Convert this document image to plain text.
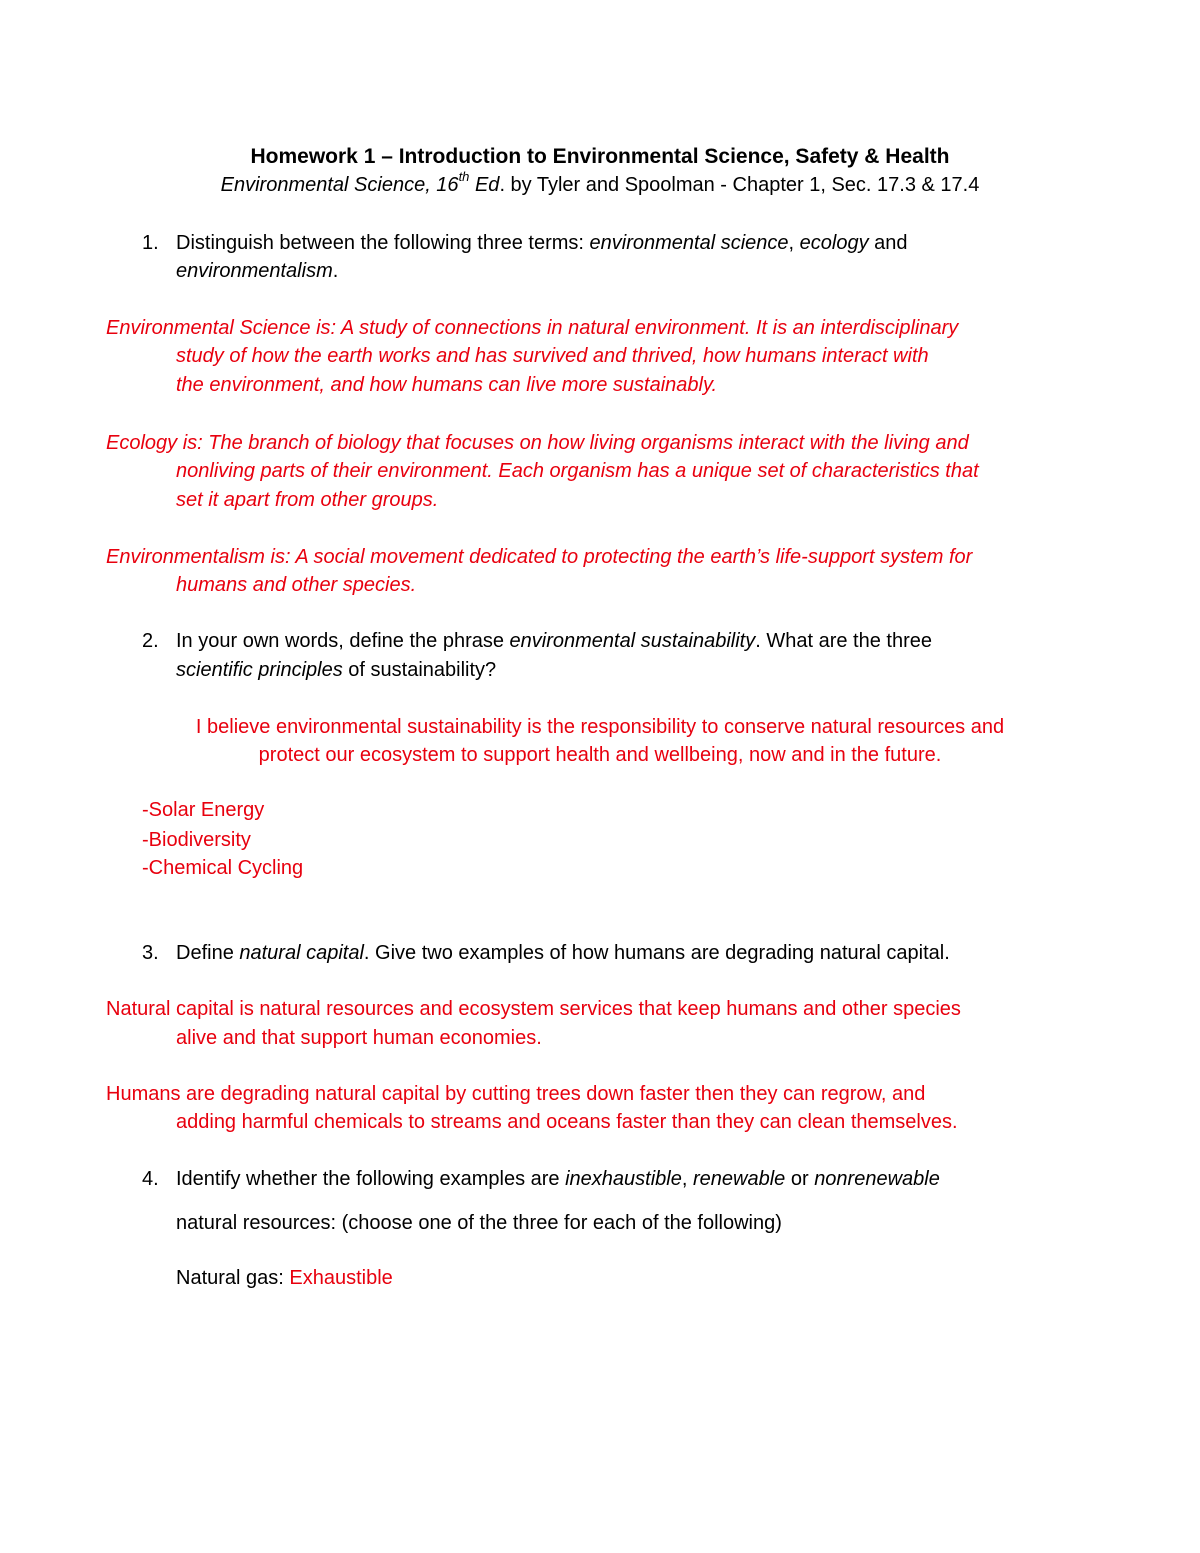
Homework 1 – Introduction to Environmental Science, Safety & Health
Environmental Science, 16th Ed. by Tyler and Spoolman - Chapter 1, Sec. 17.3 & 17.4
1. Distinguish between the following three terms: environmental science, ecology and
environmentalism.
Environmental Science is: A study of connections in natural environment. It is an interdisciplinary
study of how the earth works and has survived and thrived, how humans interact with
the environment, and how humans can live more sustainably.
Ecology is: The branch of biology that focuses on how living organisms interact with the living and
nonliving parts of their environment. Each organism has a unique set of characteristics that
set it apart from other groups.
Environmentalism is: A social movement dedicated to protecting the earth’s life-support system for
humans and other species.
2. In your own words, define the phrase environmental sustainability. What are the three
scientific principles of sustainability?
I believe environmental sustainability is the responsibility to conserve natural resources and
protect our ecosystem to support health and wellbeing, now and in the future.
-Solar Energy
-Biodiversity
-Chemical Cycling
3. Define natural capital. Give two examples of how humans are degrading natural capital.
Natural capital is natural resources and ecosystem services that keep humans and other species
alive and that support human economies.
Humans are degrading natural capital by cutting trees down faster then they can regrow, and
adding harmful chemicals to streams and oceans faster than they can clean themselves.
4. Identify whether the following examples are inexhaustible, renewable or nonrenewable
natural resources: (choose one of the three for each of the following)
Natural gas: Exhaustible
